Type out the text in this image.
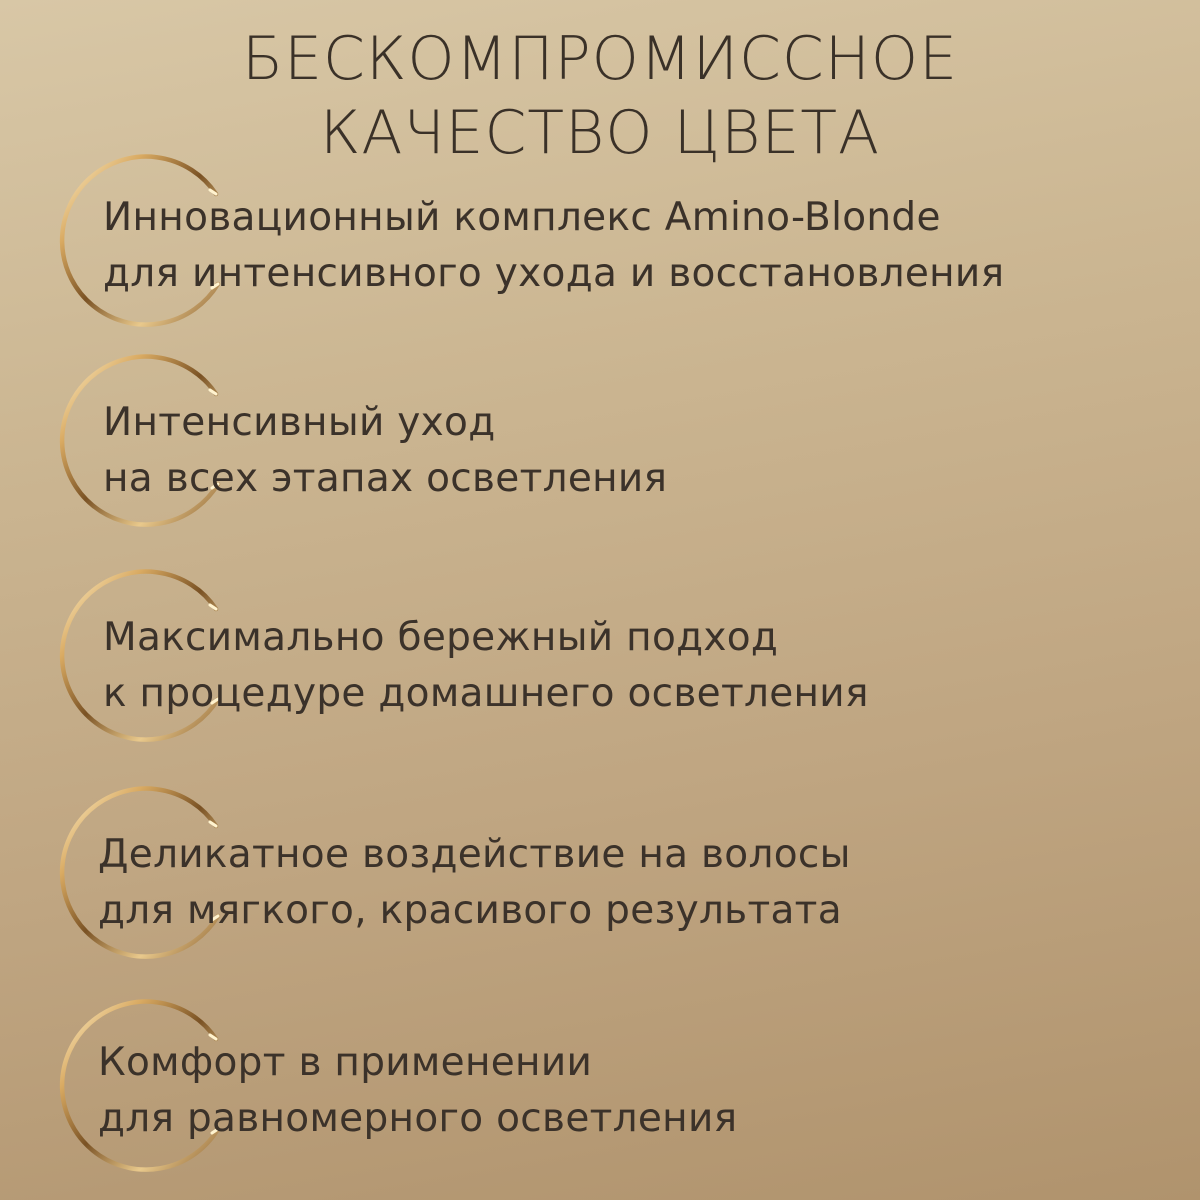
БЕСКОМПРОМИССНОЕ
КАЧЕСТВО ЦВЕТА
Инновационный комплекс Amino-Blonde
для интенсивного ухода и восстановления
Интенсивный уход
на всех этапах осветления
Максимально бережный подход
к процедуре домашнего осветления
Деликатное воздействие на волосы
для мягкого, красивого результата
Комфорт в применении
для равномерного осветления
